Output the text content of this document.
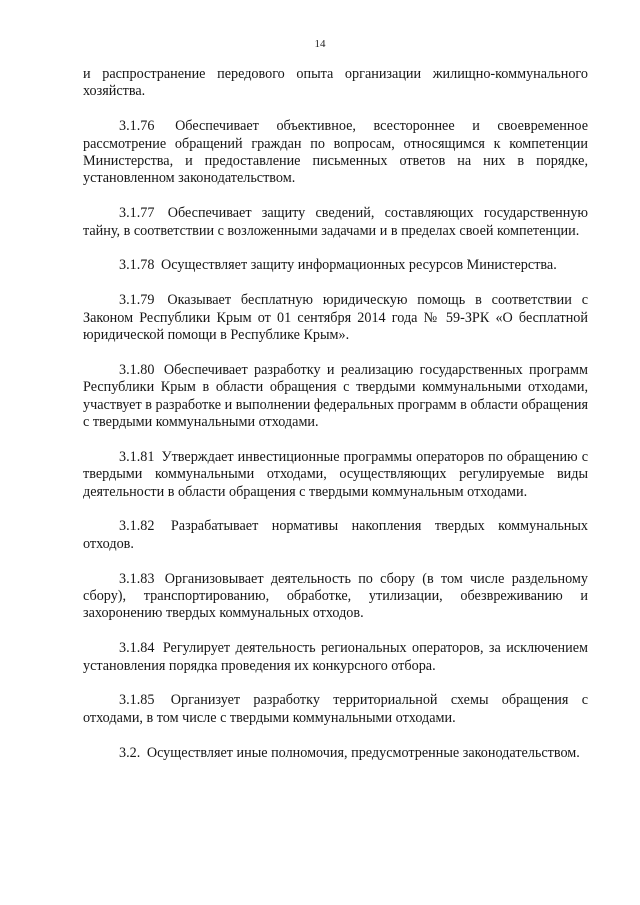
14

и распространение передового опыта организации жилищно-коммунального хозяйства.

3.1.76 Обеспечивает объективное, всестороннее и своевременное рассмотрение обращений граждан по вопросам, относящимся к компетенции Министерства, и предоставление письменных ответов на них в порядке, установленном законодательством.

3.1.77 Обеспечивает защиту сведений, составляющих государственную тайну, в соответствии с возложенными задачами и в пределах своей компетенции.

3.1.78 Осуществляет защиту информационных ресурсов Министерства.

3.1.79 Оказывает бесплатную юридическую помощь в соответствии с Законом Республики Крым от 01 сентября 2014 года № 59-ЗРК «О бесплатной юридической помощи в Республике Крым».

3.1.80 Обеспечивает разработку и реализацию государственных программ Республики Крым в области обращения с твердыми коммунальными отходами, участвует в разработке и выполнении федеральных программ в области обращения с твердыми коммунальными отходами.

3.1.81 Утверждает инвестиционные программы операторов по обращению с твердыми коммунальными отходами, осуществляющих регулируемые виды деятельности в области обращения с твердыми коммунальным отходами.

3.1.82 Разрабатывает нормативы накопления твердых коммунальных отходов.

3.1.83 Организовывает деятельность по сбору (в том числе раздельному сбору), транспортированию, обработке, утилизации, обезвреживанию и захоронению твердых коммунальных отходов.

3.1.84 Регулирует деятельность региональных операторов, за исключением установления порядка проведения их конкурсного отбора.

3.1.85 Организует разработку территориальной схемы обращения с отходами, в том числе с твердыми коммунальными отходами.

3.2. Осуществляет иные полномочия, предусмотренные законодательством.
